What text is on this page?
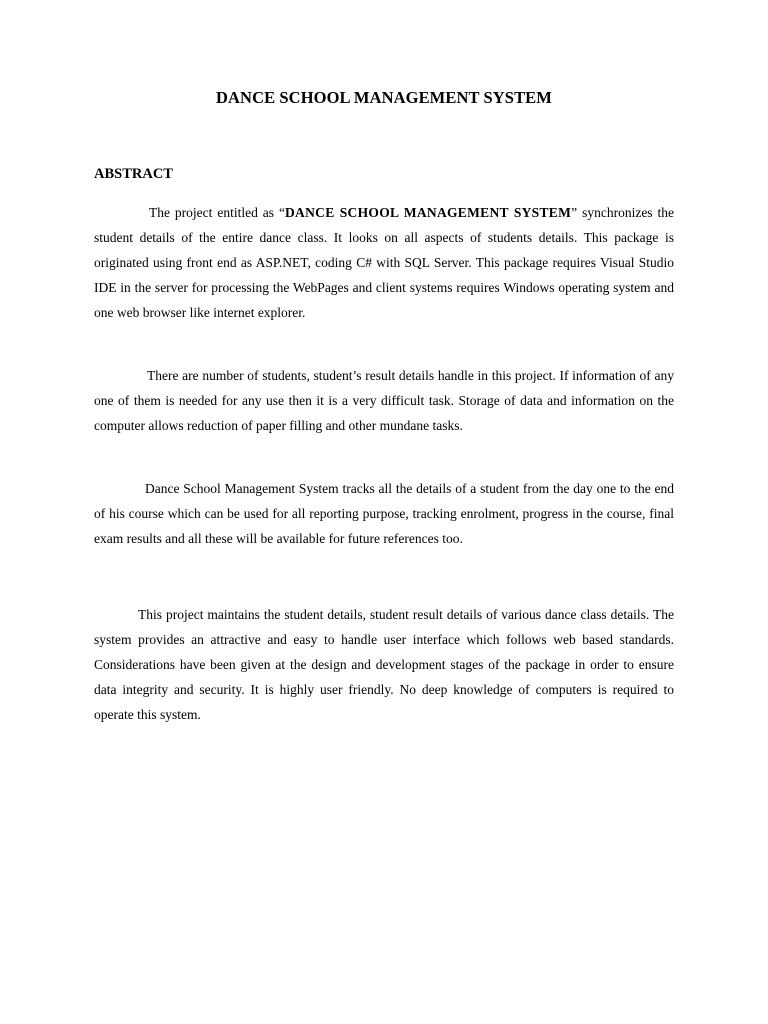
DANCE SCHOOL MANAGEMENT SYSTEM
ABSTRACT

The project entitled as “DANCE SCHOOL MANAGEMENT SYSTEM” synchronizes the student details of the entire dance class. It looks on all aspects of students details. This package is originated using front end as ASP.NET, coding C# with SQL Server. This package requires Visual Studio IDE in the server for processing the WebPages and client systems requires Windows operating system and one web browser like internet explorer.

There are number of students, student’s result details handle in this project. If information of any one of them is needed for any use then it is a very difficult task. Storage of data and information on the computer allows reduction of paper filling and other mundane tasks.

Dance School Management System tracks all the details of a student from the day one to the end of his course which can be used for all reporting purpose, tracking enrolment, progress in the course, final exam results and all these will be available for future references too.

This project maintains the student details, student result details of various dance class details. The system provides an attractive and easy to handle user interface which follows web based standards. Considerations have been given at the design and development stages of the package in order to ensure data integrity and security. It is highly user friendly. No deep knowledge of computers is required to operate this system.
